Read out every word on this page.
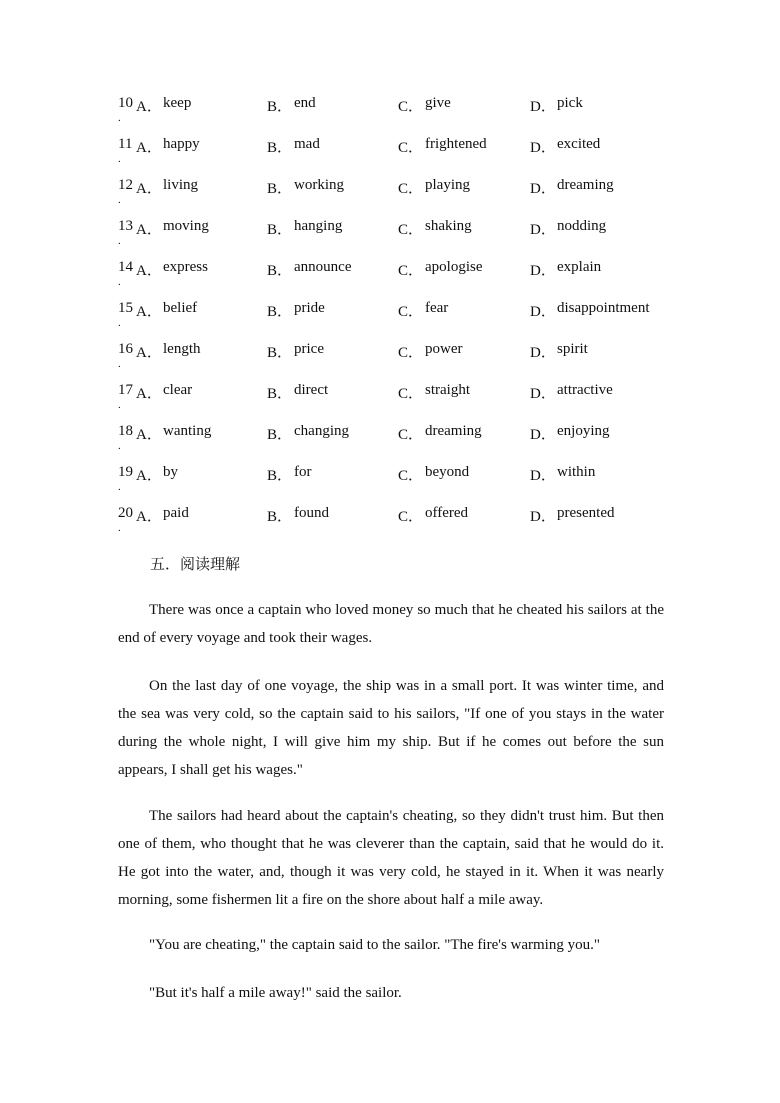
10
.
A． keep	B． end	C． give	D． pick
11
.
A． happy	B． mad	C． frightened	D． excited
12
.
A． living	B． working	C． playing	D． dreaming
13
.
A． moving	B． hanging	C． shaking	D． nodding
14
.
A． express	B． announce	C． apologise	D． explain
15
.
A． belief	B． pride	C． fear	D． disappointment
16
.
A． length	B． price	C． power	D． spirit
17
.
A． clear	B． direct	C． straight	D． attractive
18
.
A． wanting	B． changing	C． dreaming	D． enjoying
19
.
A． by	B． for	C． beyond	D． within
20
.
A． paid	B． found	C． offered	D． presented
五．阅读理解

There was once a captain who loved money so much that he cheated his sailors at the end of every voyage and took their wages.

On the last day of one voyage, the ship was in a small port. It was winter time, and the sea was very cold, so the captain said to his sailors, "If one of you stays in the water during the whole night, I will give him my ship. But if he comes out before the sun appears, I shall get his wages."

The sailors had heard about the captain's cheating, so they didn't trust him. But then one of them, who thought that he was cleverer than the captain, said that he would do it. He got into the water, and, though it was very cold, he stayed in it. When it was nearly morning, some fishermen lit a fire on the shore about half a mile away.

"You are cheating," the captain said to the sailor. "The fire's warming you."

"But it's half a mile away!" said the sailor.
